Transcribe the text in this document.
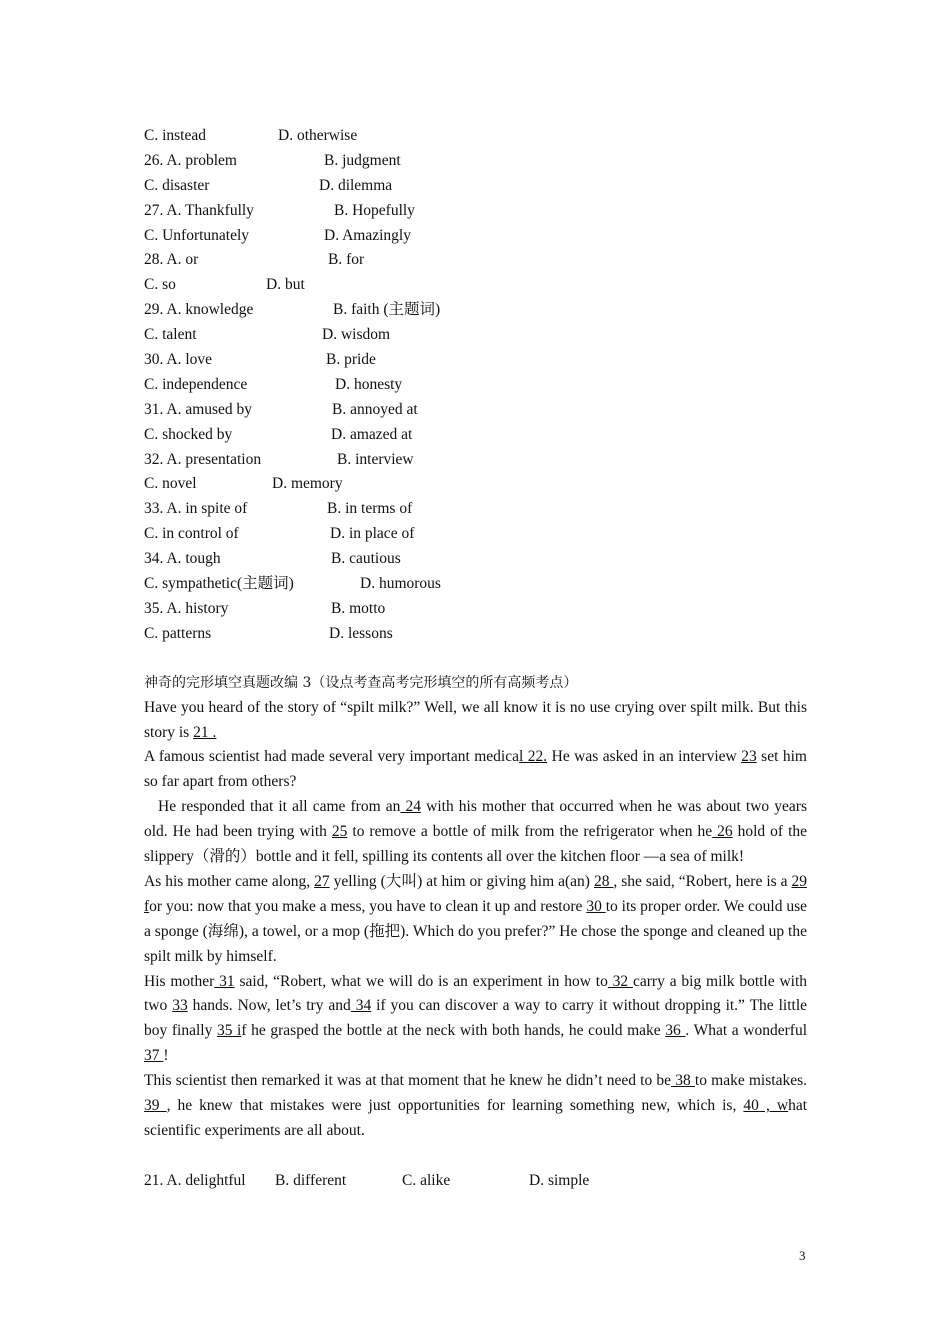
C. instead	D. otherwise
26. A. problem	B. judgment
C. disaster	D. dilemma
27. A. Thankfully	B. Hopefully
C. Unfortunately	D. Amazingly
28. A. or	B. for
C. so	D. but
29. A. knowledge	B. faith (主题词)
C. talent	D. wisdom
30. A. love	B. pride
C. independence	D. honesty
31. A. amused by	B. annoyed at
C. shocked by	D. amazed at
32. A. presentation	B. interview
C. novel	D. memory
33. A. in spite of	B. in terms of
C. in control of	D. in place of
34. A. tough	B. cautious
C. sympathetic(主题词)	D. humorous
35. A. history	B. motto
C. patterns	D. lessons
神奇的完形填空真题改编 3（设点考查高考完形填空的所有高频考点）

Have you heard of the story of “spilt milk?” Well, we all know it is no use crying over spilt milk. But this story is 21 .

A famous scientist had made several very important medical 22. He was asked in an interview 23 set him so far apart from others?

He responded that it all came from an 24 with his mother that occurred when he was about two years old. He had been trying with 25 to remove a bottle of milk from the refrigerator when he 26 hold of the slippery（滑的）bottle and it fell, spilling its contents all over the kitchen floor —a sea of milk!

As his mother came along, 27 yelling (大叫) at him or giving him a(an) 28 , she said, “Robert, here is a 29 for you: now that you make a mess, you have to clean it up and restore 30 to its proper order. We could use a sponge (海绵), a towel, or a mop (拖把). Which do you prefer?” He chose the sponge and cleaned up the spilt milk by himself.

His mother 31 said, “Robert, what we will do is an experiment in how to 32 carry a big milk bottle with two 33 hands. Now, let’s try and 34 if you can discover a way to carry it without dropping it.” The little boy finally 35 if he grasped the bottle at the neck with both hands, he could make 36 . What a wonderful 37 !

This scientist then remarked it was at that moment that he knew he didn’t need to be 38 to make mistakes. 39 , he knew that mistakes were just opportunities for learning something new, which is, 40 , what scientific experiments are all about.

21. A. delightful B. different	C. alike	D. simple
3
